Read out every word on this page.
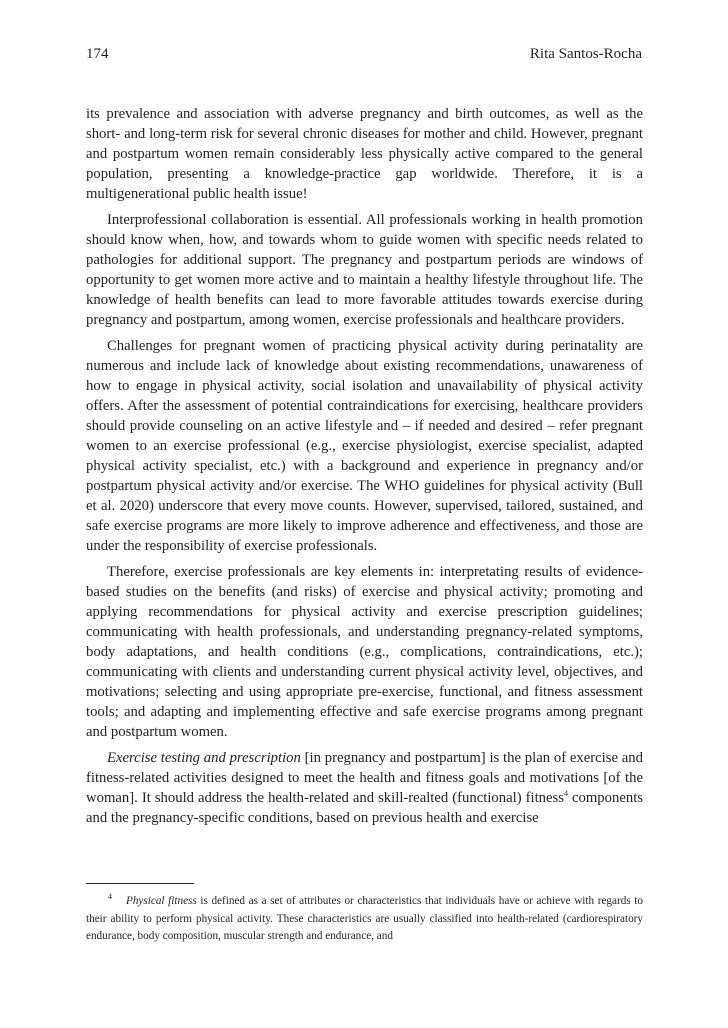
174	Rita Santos-Rocha

its prevalence and association with adverse pregnancy and birth outcomes, as well as the short- and long-term risk for several chronic diseases for mother and child. However, pregnant and postpartum women remain considerably less physically active compared to the general population, presenting a knowledge-practice gap worldwide. Therefore, it is a multigenerational public health issue!

Interprofessional collaboration is essential. All professionals working in health promotion should know when, how, and towards whom to guide women with specific needs related to pathologies for additional support. The pregnancy and postpartum periods are windows of opportunity to get women more active and to maintain a healthy lifestyle throughout life. The knowledge of health benefits can lead to more favorable attitudes towards exercise during pregnancy and postpartum, among women, exercise professionals and healthcare providers.

Challenges for pregnant women of practicing physical activity during perinatality are numerous and include lack of knowledge about existing recommendations, unawareness of how to engage in physical activity, social isolation and unavailability of physical activity offers. After the assessment of potential contraindications for exercising, healthcare providers should provide counseling on an active lifestyle and – if needed and desired – refer pregnant women to an exercise professional (e.g., exercise physiologist, exercise specialist, adapted physical activity specialist, etc.) with a background and experience in pregnancy and/or postpartum physical activity and/or exercise. The WHO guidelines for physical activity (Bull et al. 2020) underscore that every move counts. However, supervised, tailored, sustained, and safe exercise programs are more likely to improve adherence and effectiveness, and those are under the responsibility of exercise professionals.

Therefore, exercise professionals are key elements in: interpretating results of evidence-based studies on the benefits (and risks) of exercise and physical activity; promoting and applying recommendations for physical activity and exercise prescription guidelines; communicating with health professionals, and understanding pregnancy-related symptoms, body adaptations, and health conditions (e.g., complications, contraindications, etc.); communicating with clients and understanding current physical activity level, objectives, and motivations; selecting and using appropriate pre-exercise, functional, and fitness assessment tools; and adapting and implementing effective and safe exercise programs among pregnant and postpartum women.

Exercise testing and prescription [in pregnancy and postpartum] is the plan of exercise and fitness-related activities designed to meet the health and fitness goals and motivations [of the woman]. It should address the health-related and skill-realted (functional) fitness$^4$ components and the pregnancy-specific conditions, based on previous health and exercise

4 Physical fitness is defined as a set of attributes or characteristics that individuals have or achieve with regards to their ability to perform physical activity. These characteristics are usually classified into health-related (cardiorespiratory endurance, body composition, muscular strength and endurance, and
